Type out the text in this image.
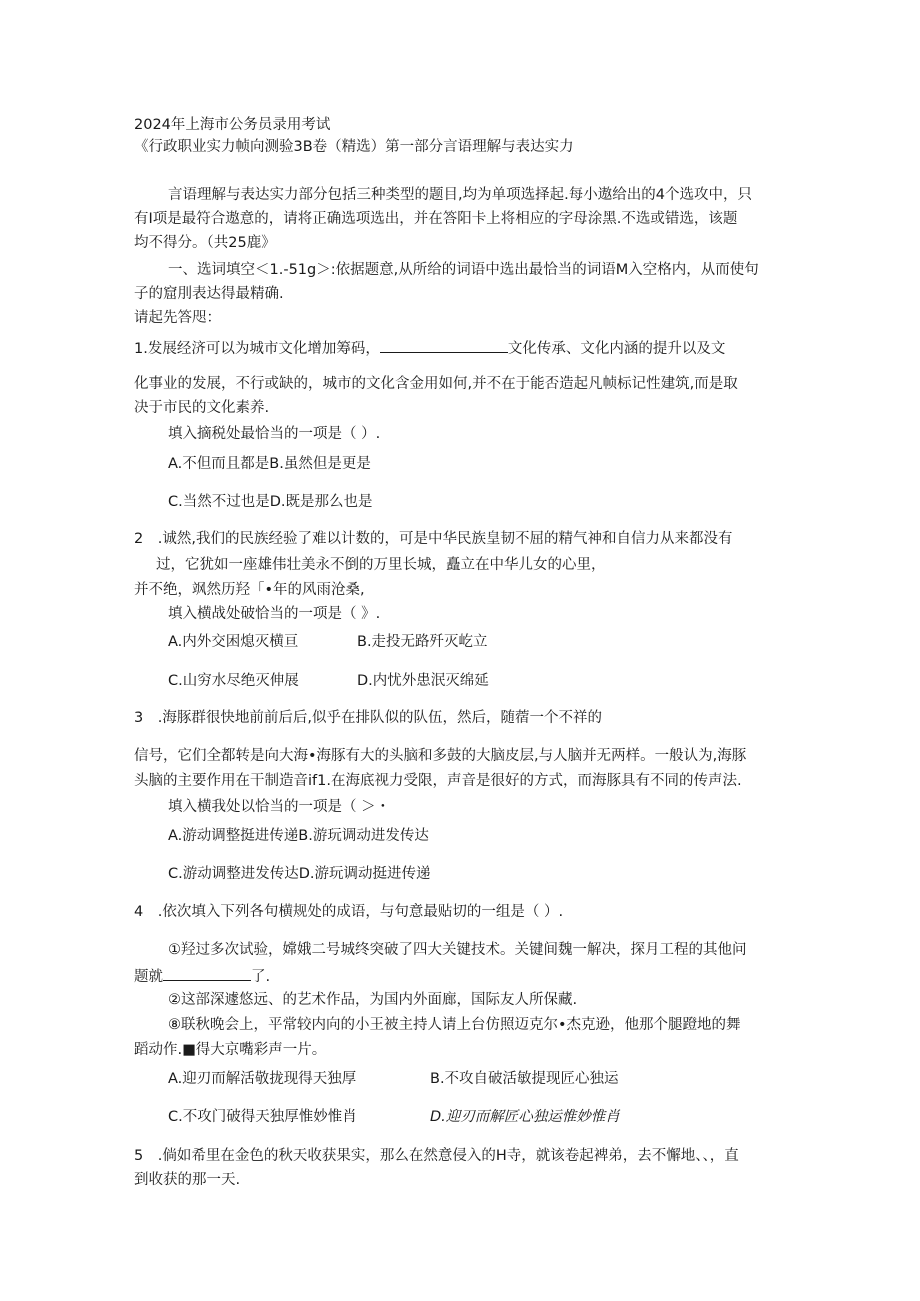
2024年上海市公务员录用考试
《行政职业实力帧向测验3B卷（精选）第一部分言语理解与表达实力
言语理解与表达实力部分包括三种类型的题目,均为单项选择起.每小遨给出的4个选攻中，只
有I项是最符合遨意的，请将正确选项选出，并在答阳卡上将相应的字母涂黑.不选或错选，该题
均不得分。（共25鹿》
一、选词填空＜1.-51g＞:依据题意,从所给的词语中选出最恰当的词语M入空格内，从而使句
子的窟刖表达得最精确.
请起先答咫：
1.发展经济可以为城市文化增加筹码，	文化传承、文化内涵的提升以及文
化事业的发展，不行或缺的，城市的文化含金用如何,并不在于能否造起凡帧标记性建筑,而是取
决于市民的文化素养.
填入摘税处最恰当的一项是（ ）.
A.不但而且都是B.虽然但是更是
C.当然不过也是D.既是那么也是
2　.诚然,我们的民族经验了难以计数的，可是中华民族皇韧不屈的精气神和自信力从来都没有
过，它犹如一座雄伟壮美永不倒的万里长城，矗立在中华儿女的心里，
并不绝，飒然历羟「•年的风雨沧桑,
填入横战处破恰当的一项是（ 》.
A.内外交困熄灭横亘	B.走投无路歼灭屹立
C.山穷水尽绝灭伸展	D.内忧外患泯灭绵延
3　.海豚群很快地前前后后,似乎在排队似的队伍，然后，随蓿一个不祥的
信号，它们全都转是向大海•海豚有大的头脑和多鼓的大脑皮层,与人脑并无两样。一般认为,海豚
头脑的主要作用在干制造音if1.在海底视力受限，声音是很好的方式，而海豚具有不同的传声法.
填入横我处以恰当的一项是（ ＞・
A.游动调整挺进传递B.游玩调动进发传达
C.游动调整进发传达D.游玩调动挺进传递
4　.依次填入下列各句横规处的成语，与句意最贴切的一组是（ ）.
①羟过多次试验，嫦娥二号城终突破了四大关键技术。关键间魏一解决，探月工程的其他问
题就	了.
②这部深遽悠远、的艺术作品，为国内外面廊，国际友人所保藏.
⑧联秋晚会上，平常较内向的小王被主持人请上台仿照迈克尔•杰克逊，他那个腿蹬地的舞
蹈动作.■得大京嘴彩声一片。
A.迎刃而解活敬拢现得天独厚	B.不攻自破活敏提现匠心独运
C.不攻门破得天独厚惟妙惟肖	D.迎刃而解匠心独运惟妙惟肖
5　.倘如希里在金色的秋天收获果实，那么在然意侵入的H寺，就该卷起裨弟，去不懈地、、，直
到收获的那一天.
